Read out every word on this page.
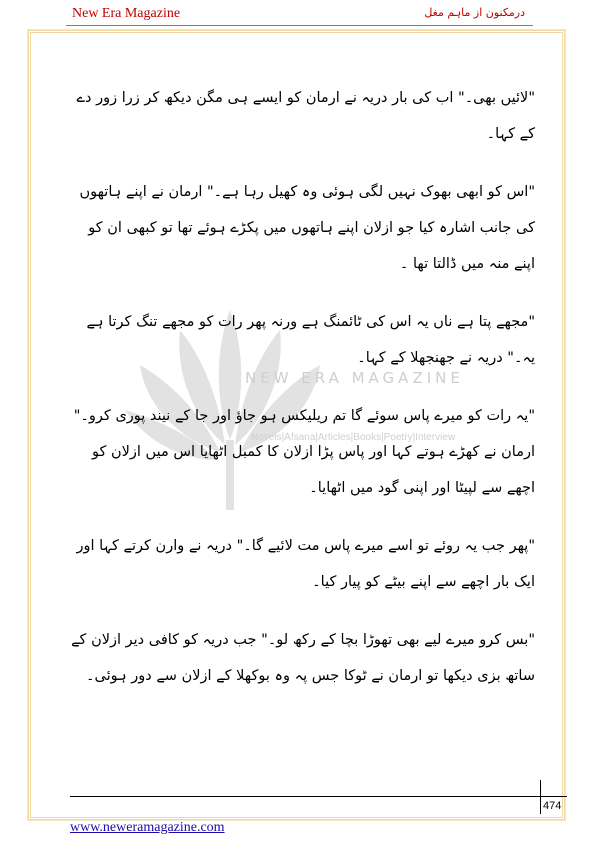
New Era Magazine	درمکنون از ماہم مغل
NEW ERA MAGAZINE
Novels|Afsana|Articles|Books|Poetry|Interview

"لائیں بھی۔" اب کی بار دریہ نے ارمان کو ایسے ہی مگن دیکھ کر زرا زور دے کے کہا۔

"اس کو ابھی بھوک نہیں لگی ہوئی وہ کھیل رہا ہے۔" ارمان نے اپنے ہاتھوں کی جانب اشارہ کیا جو ازلان اپنے ہاتھوں میں پکڑے ہوئے تھا تو کبھی ان کو اپنے منہ میں ڈالتا تھا ۔

"مجھے پتا ہے ناں یہ اس کی ٹائمنگ ہے ورنہ پھر رات کو مجھے تنگ کرتا ہے یہ۔" دریہ نے جھنجھلا کے کہا۔

"یہ رات کو میرے پاس سوئے گا تم ریلیکس ہو جاؤ اور جا کے نیند پوری کرو۔" ارمان نے کھڑے ہوتے کہا اور پاس پڑا ازلان کا کمبل اٹھایا اس میں ازلان کو اچھے سے لپیٹا اور اپنی گود میں اٹھایا۔

"پھر جب یہ روئے تو اسے میرے پاس مت لائیے گا۔" دریہ نے وارن کرتے کہا اور ایک بار اچھے سے اپنے بیٹے کو پیار کیا۔

"بس کرو میرے لیے بھی تھوڑا بچا کے رکھ لو۔" جب دریہ کو کافی دیر ازلان کے ساتھ بزی دیکھا تو ارمان نے ٹوکا جس پہ وہ بوکھلا کے ازلان سے دور ہوئی۔

474
www.neweramagazine.com
